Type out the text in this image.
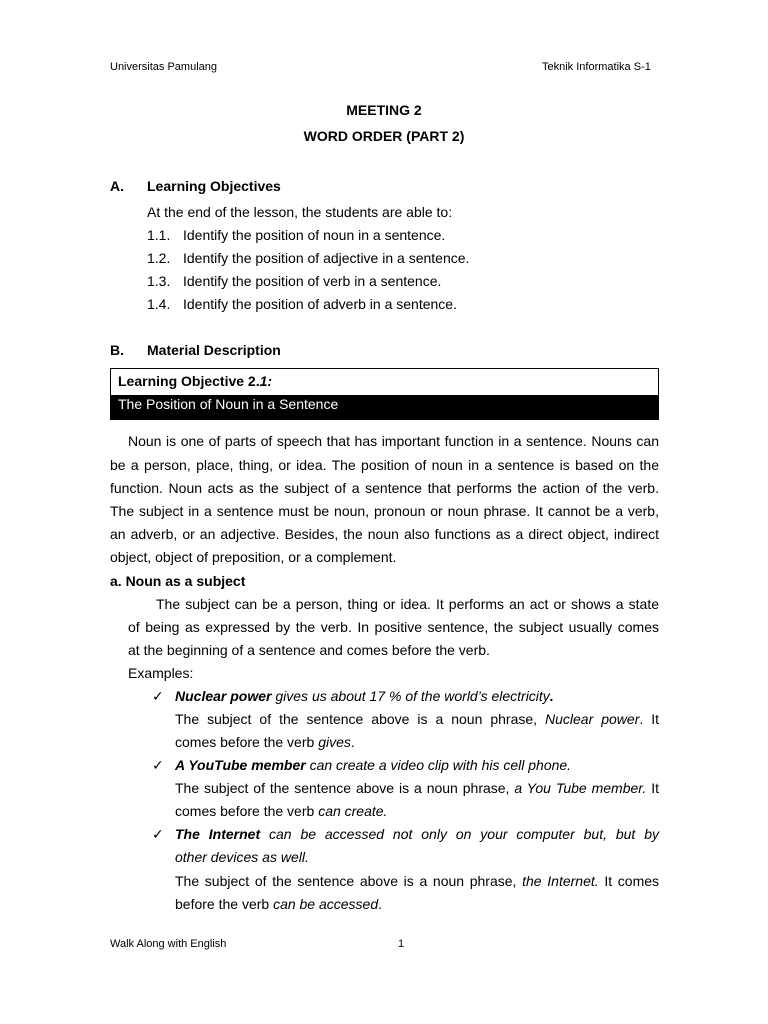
Universitas Pamulang	Teknik Informatika S-1
MEETING 2
WORD ORDER (PART 2)
A. Learning Objectives
At the end of the lesson, the students are able to:
1.1. Identify the position of noun in a sentence.
1.2. Identify the position of adjective in a sentence.
1.3. Identify the position of verb in a sentence.
1.4. Identify the position of adverb in a sentence.
B. Material Description
Learning Objective 2.1:
The Position of Noun in a Sentence
Noun is one of parts of speech that has important function in a sentence. Nouns can
be a person, place, thing, or idea. The position of noun in a sentence is based on the
function. Noun acts as the subject of a sentence that performs the action of the verb.
The subject in a sentence must be noun, pronoun or noun phrase. It cannot be a verb,
an adverb, or an adjective. Besides, the noun also functions as a direct object, indirect
object, object of preposition, or a complement.
a. Noun as a subject
The subject can be a person, thing or idea. It performs an act or shows a state
of being as expressed by the verb. In positive sentence, the subject usually comes
at the beginning of a sentence and comes before the verb.
Examples:
✓ Nuclear power gives us about 17 % of the world’s electricity.
The subject of the sentence above is a noun phrase, Nuclear power. It
comes before the verb gives.
✓ A YouTube member can create a video clip with his cell phone.
The subject of the sentence above is a noun phrase, a You Tube member. It
comes before the verb can create.
✓ The Internet can be accessed not only on your computer but, but by
other devices as well.
The subject of the sentence above is a noun phrase, the Internet. It comes
before the verb can be accessed.
Walk Along with English	1
